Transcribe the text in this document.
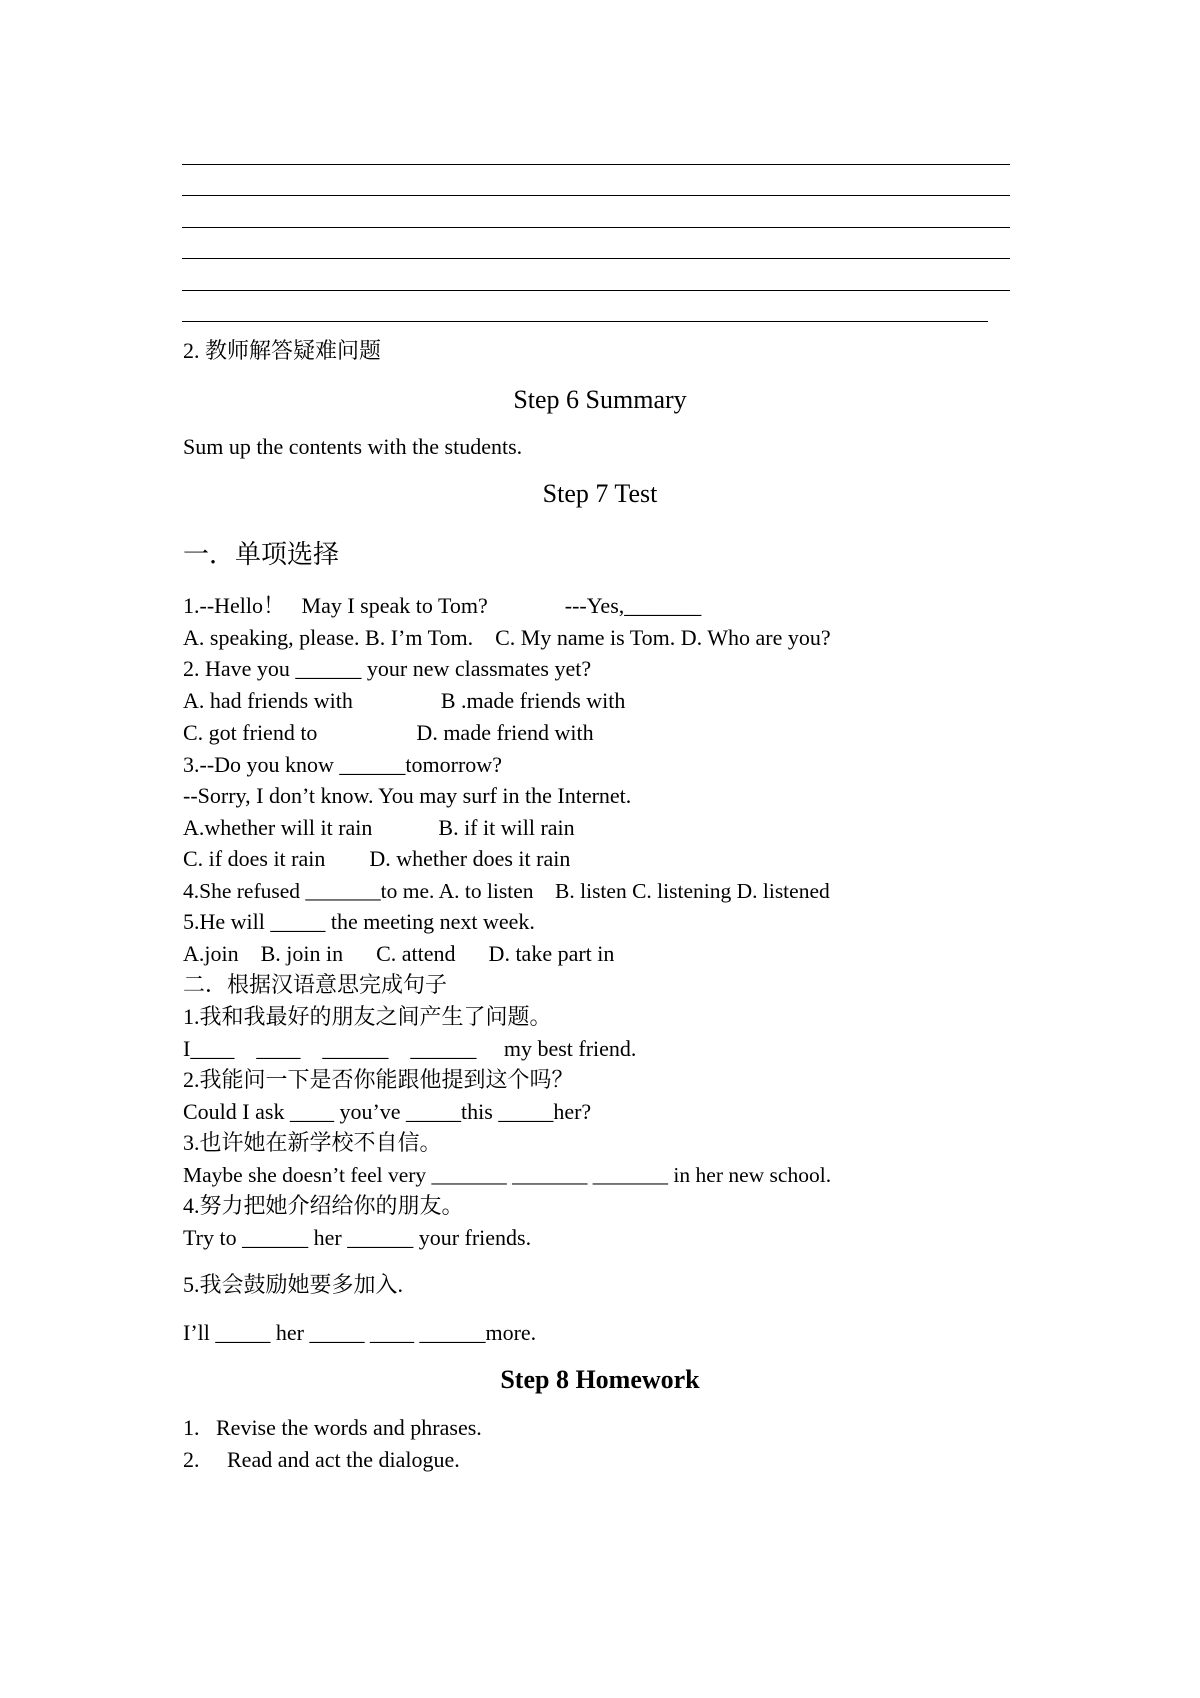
2. 教师解答疑难问题
Step 6 Summary
Sum up the contents with the students.
Step 7 Test
一．单项选择
1.--Hello！   May I speak to Tom?              ---Yes,_______
A. speaking, please. B. I’m Tom.    C. My name is Tom. D. Who are you?
2. Have you ______ your new classmates yet?
A. had friends with                B .made friends with
C. got friend to                  D. made friend with
3.--Do you know ______tomorrow?
--Sorry, I don’t know. You may surf in the Internet.
A.whether will it rain            B. if it will rain
C. if does it rain        D. whether does it rain
4.She refused _______to me. A. to listen    B. listen C. listening D. listened
5.He will _____ the meeting next week.
A.join    B. join in      C. attend      D. take part in
二．根据汉语意思完成句子
1.我和我最好的朋友之间产生了问题。
I____    ____    ______    ______     my best friend.
2.我能问一下是否你能跟他提到这个吗？
Could I ask ____ you’ve _____this _____her?
3.也许她在新学校不自信。
Maybe she doesn’t feel very _______ _______ _______ in her new school.
4.努力把她介绍给你的朋友。
Try to ______ her ______ your friends.
5.我会鼓励她要多加入.
I’ll _____ her _____ ____ ______more.
Step 8 Homework
1.   Revise the words and phrases.
2.     Read and act the dialogue.
